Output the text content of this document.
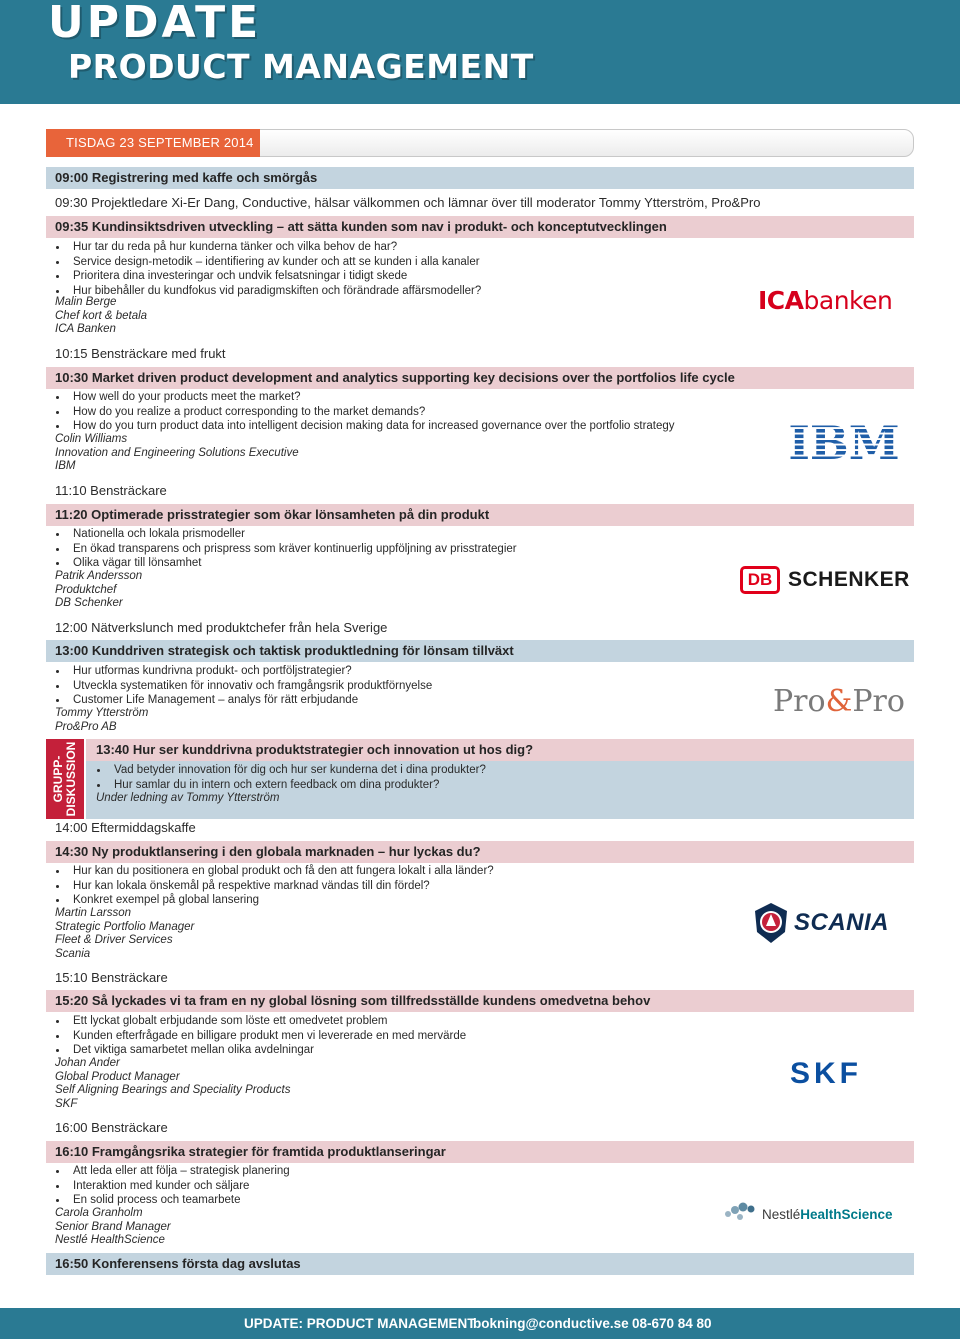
UPDATE
PRODUCT MANAGEMENT
TISDAG 23 SEPTEMBER 2014
09:00 Registrering med kaffe och smörgås
09:30 Projektledare Xi-Er Dang, Conductive, hälsar välkommen och lämnar över till moderator Tommy Ytterström, Pro&Pro
09:35 Kundinsiktsdriven utveckling – att sätta kunden som nav i produkt- och konceptutvecklingen
Hur tar du reda på hur kunderna tänker och vilka behov de har?
Service design-metodik – identifiering av kunder och att se kunden i alla kanaler
Prioritera dina investeringar och undvik felsatsningar i tidigt skede
Hur bibehåller du kundfokus vid paradigmskiften och förändrade affärsmodeller?
Malin Berge
Chef kort & betala
ICA Banken
10:15 Bensträckare med frukt
10:30 Market driven product development and analytics supporting key decisions over the portfolios life cycle
How well do your products meet the market?
How do you realize a product corresponding to the market demands?
How do you turn product data into intelligent decision making data for increased governance over the portfolio strategy
Colin Williams
Innovation and Engineering Solutions Executive
IBM
11:10 Bensträckare
11:20 Optimerade prisstrategier som ökar lönsamheten på din produkt
Nationella och lokala prismodeller
En ökad transparens och prispress som kräver kontinuerlig uppföljning av prisstrategier
Olika vägar till lönsamhet
Patrik Andersson
Produktchef
DB Schenker
12:00 Nätverkslunch med produktchefer från hela Sverige
13:00 Kunddriven strategisk och taktisk produktledning för lönsam tillväxt
Hur utformas kundrivna produkt- och portföljstrategier?
Utveckla systematiken för innovativ och framgångsrik produktförnyelse
Customer Life Management – analys för rätt erbjudande
Tommy Ytterström
Pro&Pro AB
GRUPP-DISKUSSION	13:40 Hur ser kunddrivna produktstrategier och innovation ut hos dig?
Vad betyder innovation för dig och hur ser kunderna det i dina produkter?
Hur samlar du in intern och extern feedback om dina produkter?
Under ledning av Tommy Ytterström
14:00 Eftermiddagskaffe
14:30 Ny produktlansering i den globala marknaden – hur lyckas du?
Hur kan du positionera en global produkt och få den att fungera lokalt i alla länder?
Hur kan lokala önskemål på respektive marknad vändas till din fördel?
Konkret exempel på global lansering
Martin Larsson
Strategic Portfolio Manager
Fleet & Driver Services
Scania
15:10 Bensträckare
15:20 Så lyckades vi ta fram en ny global lösning som tillfredsställde kundens omedvetna behov
Ett lyckat globalt erbjudande som löste ett omedvetet problem
Kunden efterfrågade en billigare produkt men vi levererade en med mervärde
Det viktiga samarbetet mellan olika avdelningar
Johan Ander
Global Product Manager
Self Aligning Bearings and Speciality Products
SKF
16:00 Bensträckare
16:10 Framgångsrika strategier för framtida produktlanseringar
Att leda eller att följa – strategisk planering
Interaktion med kunder och säljare
En solid process och teamarbete
Carola Granholm
Senior Brand Manager
Nestlé HealthScience
16:50 Konferensens första dag avslutas
ICAbanken
IBM
DB SCHENKER
Pro&Pro
SCANIA
SKF
NestléHealthScience
UPDATE: PRODUCT MANAGEMENT
bokning@conductive.se 08-670 84 80
